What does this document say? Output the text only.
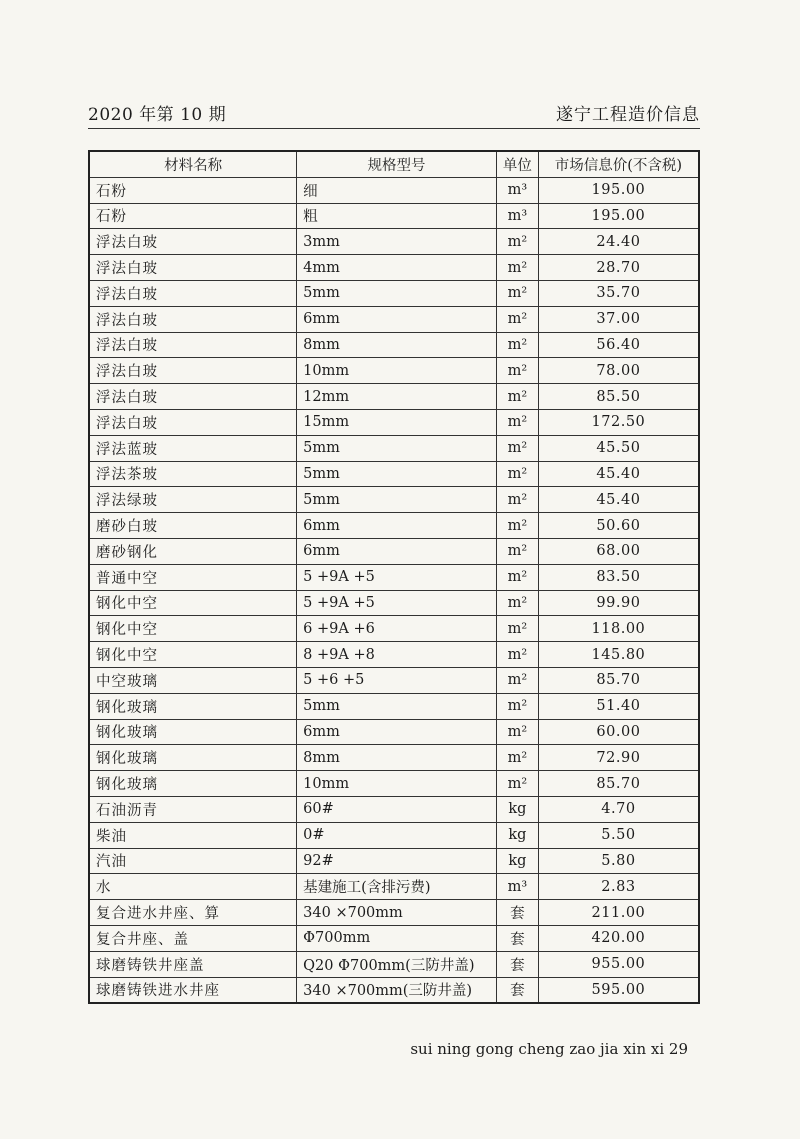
2020 年第 10 期	遂宁工程造价信息
材料名称	规格型号	单位	市场信息价(不含税)
石粉	细	m³	195.00
石粉	粗	m³	195.00
浮法白玻	3mm	m²	24.40
浮法白玻	4mm	m²	28.70
浮法白玻	5mm	m²	35.70
浮法白玻	6mm	m²	37.00
浮法白玻	8mm	m²	56.40
浮法白玻	10mm	m²	78.00
浮法白玻	12mm	m²	85.50
浮法白玻	15mm	m²	172.50
浮法蓝玻	5mm	m²	45.50
浮法茶玻	5mm	m²	45.40
浮法绿玻	5mm	m²	45.40
磨砂白玻	6mm	m²	50.60
磨砂钢化	6mm	m²	68.00
普通中空	5 +9A +5	m²	83.50
钢化中空	5 +9A +5	m²	99.90
钢化中空	6 +9A +6	m²	118.00
钢化中空	8 +9A +8	m²	145.80
中空玻璃	5 +6 +5	m²	85.70
钢化玻璃	5mm	m²	51.40
钢化玻璃	6mm	m²	60.00
钢化玻璃	8mm	m²	72.90
钢化玻璃	10mm	m²	85.70
石油沥青	60#	kg	4.70
柴油	0#	kg	5.50
汽油	92#	kg	5.80
水	基建施工(含排污费)	m³	2.83
复合进水井座、算	340 ×700mm	套	211.00
复合井座、盖	Φ700mm	套	420.00
球磨铸铁井座盖	Q20 Φ700mm(三防井盖)	套	955.00
球磨铸铁进水井座	340 ×700mm(三防井盖)	套	595.00
sui ning gong cheng zao jia xin xi 29
